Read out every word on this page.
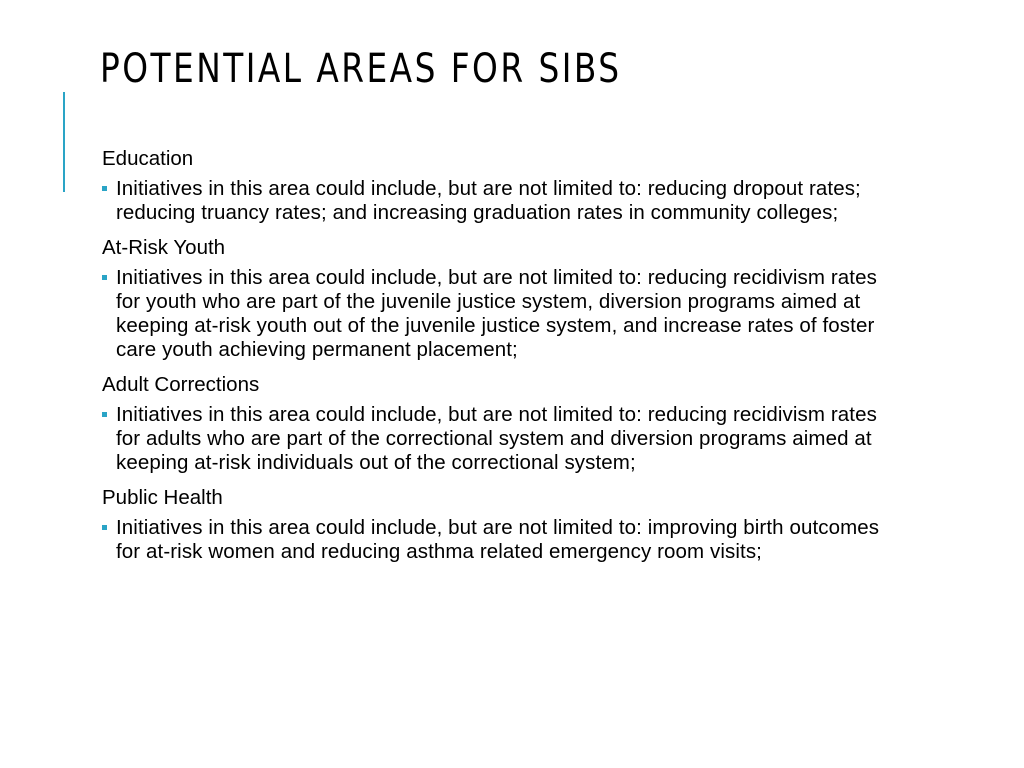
POTENTIAL AREAS FOR SIBS

Education

Initiatives in this area could include, but are not limited to: reducing dropout rates; reducing truancy rates; and increasing graduation rates in community colleges;

At-Risk Youth

Initiatives in this area could include, but are not limited to: reducing recidivism rates for youth who are part of the juvenile justice system, diversion programs aimed at keeping at-risk youth out of the juvenile justice system, and increase rates of foster care youth achieving permanent placement;

Adult Corrections

Initiatives in this area could include, but are not limited to: reducing recidivism rates for adults who are part of the correctional system and diversion programs aimed at keeping at-risk individuals out of the correctional system;

Public Health

Initiatives in this area could include, but are not limited to: improving birth outcomes for at-risk women and reducing asthma related emergency room visits;
